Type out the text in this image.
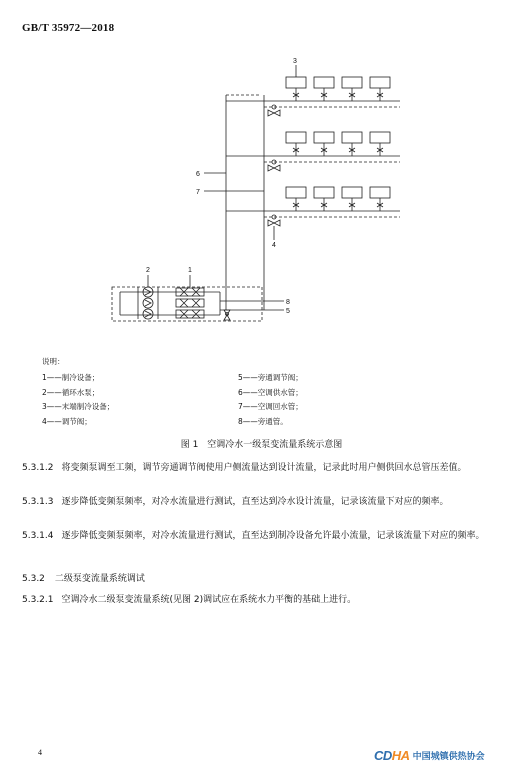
GB/T 35972—2018
3
4
6
7
2	1
8
5
说明：
1——制冷设备；
2——循环水泵；
3——末端制冷设备；
4——调节阀；
5——旁通调节阀；
6——空调供水管；
7——空调回水管；
8——旁通管。
图 1　空调冷水一级泵变流量系统示意图
5.3.1.2 将变频泵调至工频，调节旁通调节阀使用户侧流量达到设计流量，记录此时用户侧供回水总管压差值。
5.3.1.3 逐步降低变频泵频率，对冷水流量进行测试，直至达到冷水设计流量，记录该流量下对应的频率。
5.3.1.4 逐步降低变频泵频率，对冷水流量进行测试，直至达到制冷设备允许最小流量，记录该流量下对应的频率。
5.3.2 二级泵变流量系统调试
5.3.2.1 空调冷水二级泵变流量系统(见图 2)调试应在系统水力平衡的基础上进行。
4	CDHA 中国城镇供热协会
